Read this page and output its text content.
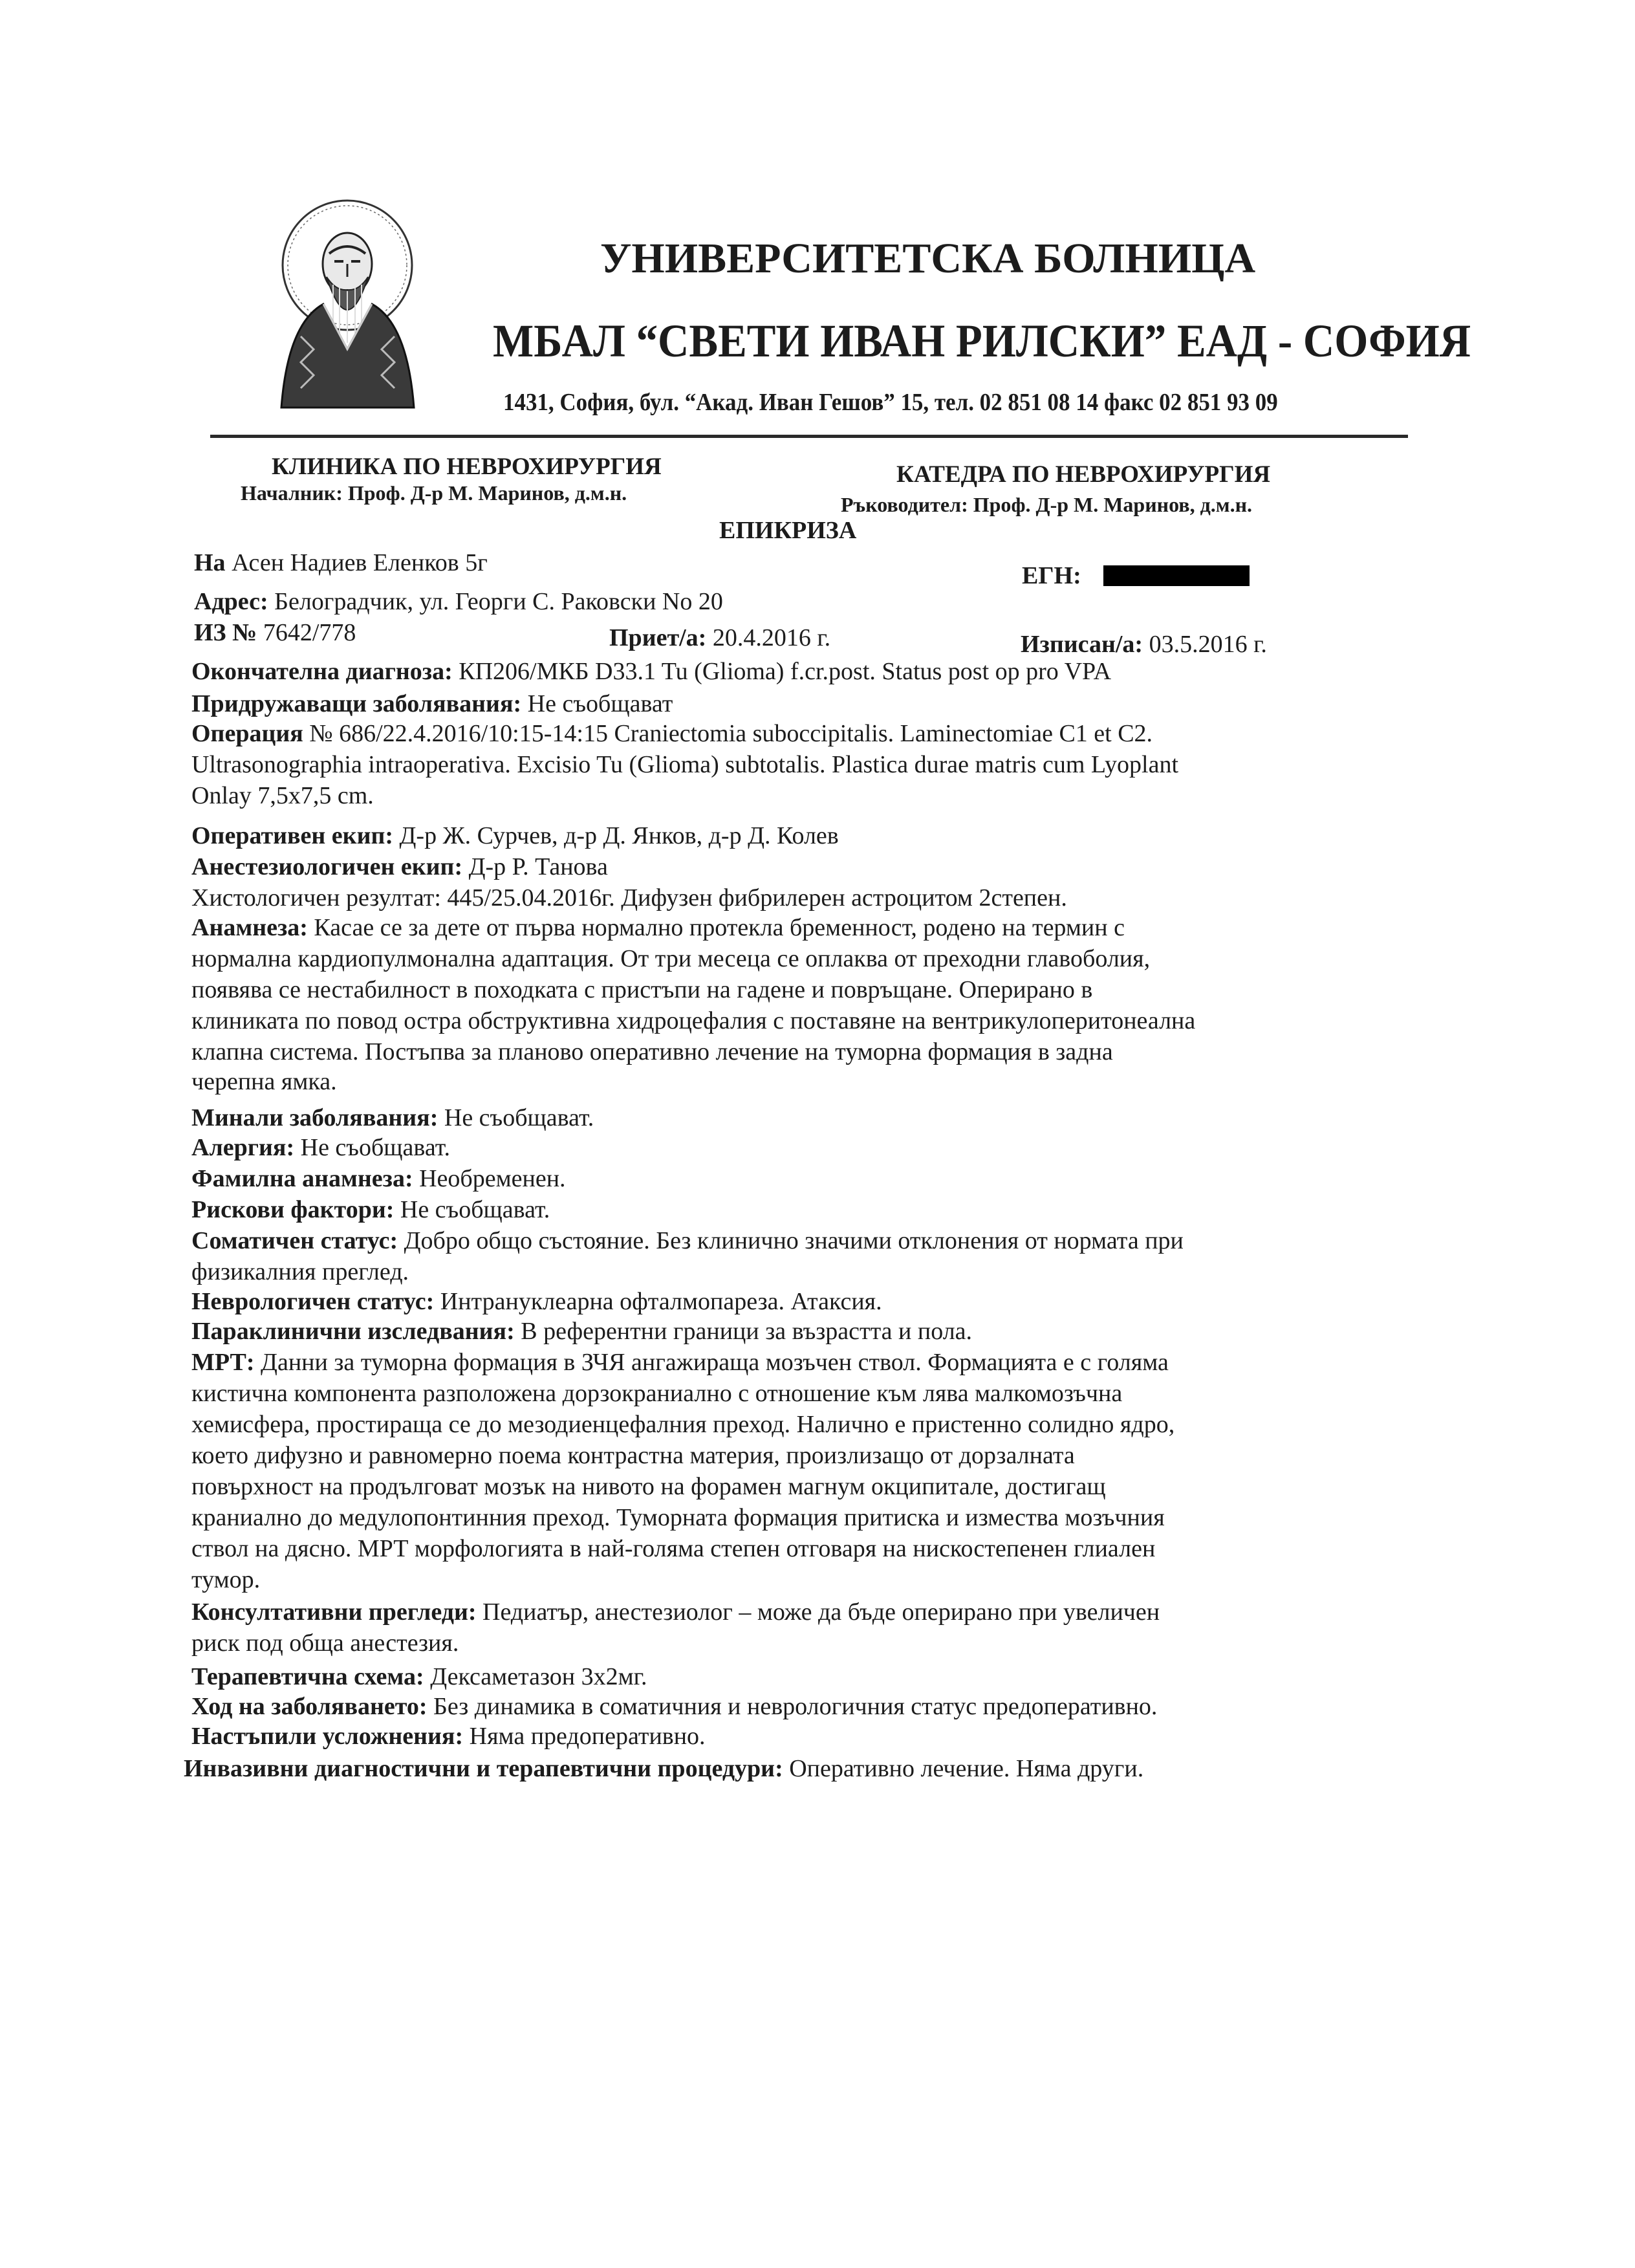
УНИВЕРСИТЕТСКА БОЛНИЦА
МБАЛ “СВЕТИ ИВАН РИЛСКИ” ЕАД - СОФИЯ
1431, София, бул. “Акад. Иван Гешов” 15, тел. 02 851 08 14 факс 02 851 93 09
КЛИНИКА ПО НЕВРОХИРУРГИЯ
Началник: Проф. Д-р М. Маринов, д.м.н.
КАТЕДРА ПО НЕВРОХИРУРГИЯ
Ръководител: Проф. Д-р М. Маринов, д.м.н.
ЕПИКРИЗА
На Асен Надиев Еленков 5г	ЕГН:
Адрес: Белоградчик, ул. Георги С. Раковски No 20
ИЗ № 7642/778	Приет/а: 20.4.2016 г.	Изписан/а: 03.5.2016 г.
Окончателна диагноза: КП206/МКБ D33.1 Tu (Glioma) f.cr.post. Status post op pro VPA
Придружаващи заболявания: Не съобщават
Операция № 686/22.4.2016/10:15-14:15 Craniectomia suboccipitalis. Laminectomiae C1 et C2.
Ultrasonographia intraoperativa. Excisio Tu (Glioma) subtotalis. Plastica durae matris cum Lyoplant
Onlay 7,5x7,5 cm.
Оперативен екип: Д-р Ж. Сурчев, д-р Д. Янков, д-р Д. Колев
Анестезиологичен екип: Д-р Р. Танова
Хистологичен резултат: 445/25.04.2016г. Дифузен фибрилерен астроцитом 2степен.
Анамнеза: Касае се за дете от първа нормално протекла бременност, родено на термин с
нормална кардиопулмонална адаптация. От три месеца се оплаква от преходни главоболия,
появява се нестабилност в походката с пристъпи на гадене и повръщане. Оперирано в
клиниката по повод остра обструктивна хидроцефалия с поставяне на вентрикулоперитонеална
клапна система. Постъпва за планово оперативно лечение на туморна формация в задна
черепна ямка.
Минали заболявания: Не съобщават.
Алергия: Не съобщават.
Фамилна анамнеза: Необременен.
Рискови фактори: Не съобщават.
Соматичен статус: Добро общо състояние. Без клинично значими отклонения от нормата при
физикалния преглед.
Неврологичен статус: Интрануклеарна офталмопареза. Атаксия.
Параклинични изследвания: В референтни граници за възрастта и пола.
МРТ: Данни за туморна формация в ЗЧЯ ангажираща мозъчен ствол. Формацията е с голяма
кистична компонента разположена дорзокраниално с отношение към лява малкомозъчна
хемисфера, простираща се до мезодиенцефалния преход. Налично е пристенно солидно ядро,
което дифузно и равномерно поема контрастна материя, произлизащо от дорзалната
повърхност на продълговат мозък на нивото на форамен магнум окципитале, достигащ
краниално до медулопонтинния преход. Туморната формация притиска и измества мозъчния
ствол на дясно. МРТ морфологията в най-голяма степен отговаря на нискостепенен глиален
тумор.
Консултативни прегледи: Педиатър, анестезиолог – може да бъде оперирано при увеличен
риск под обща анестезия.
Терапевтична схема: Дексаметазон 3x2мг.
Ход на заболяването: Без динамика в соматичния и неврологичния статус предоперативно.
Настъпили усложнения: Няма предоперативно.
Инвазивни диагностични и терапевтични процедури: Оперативно лечение. Няма други.
